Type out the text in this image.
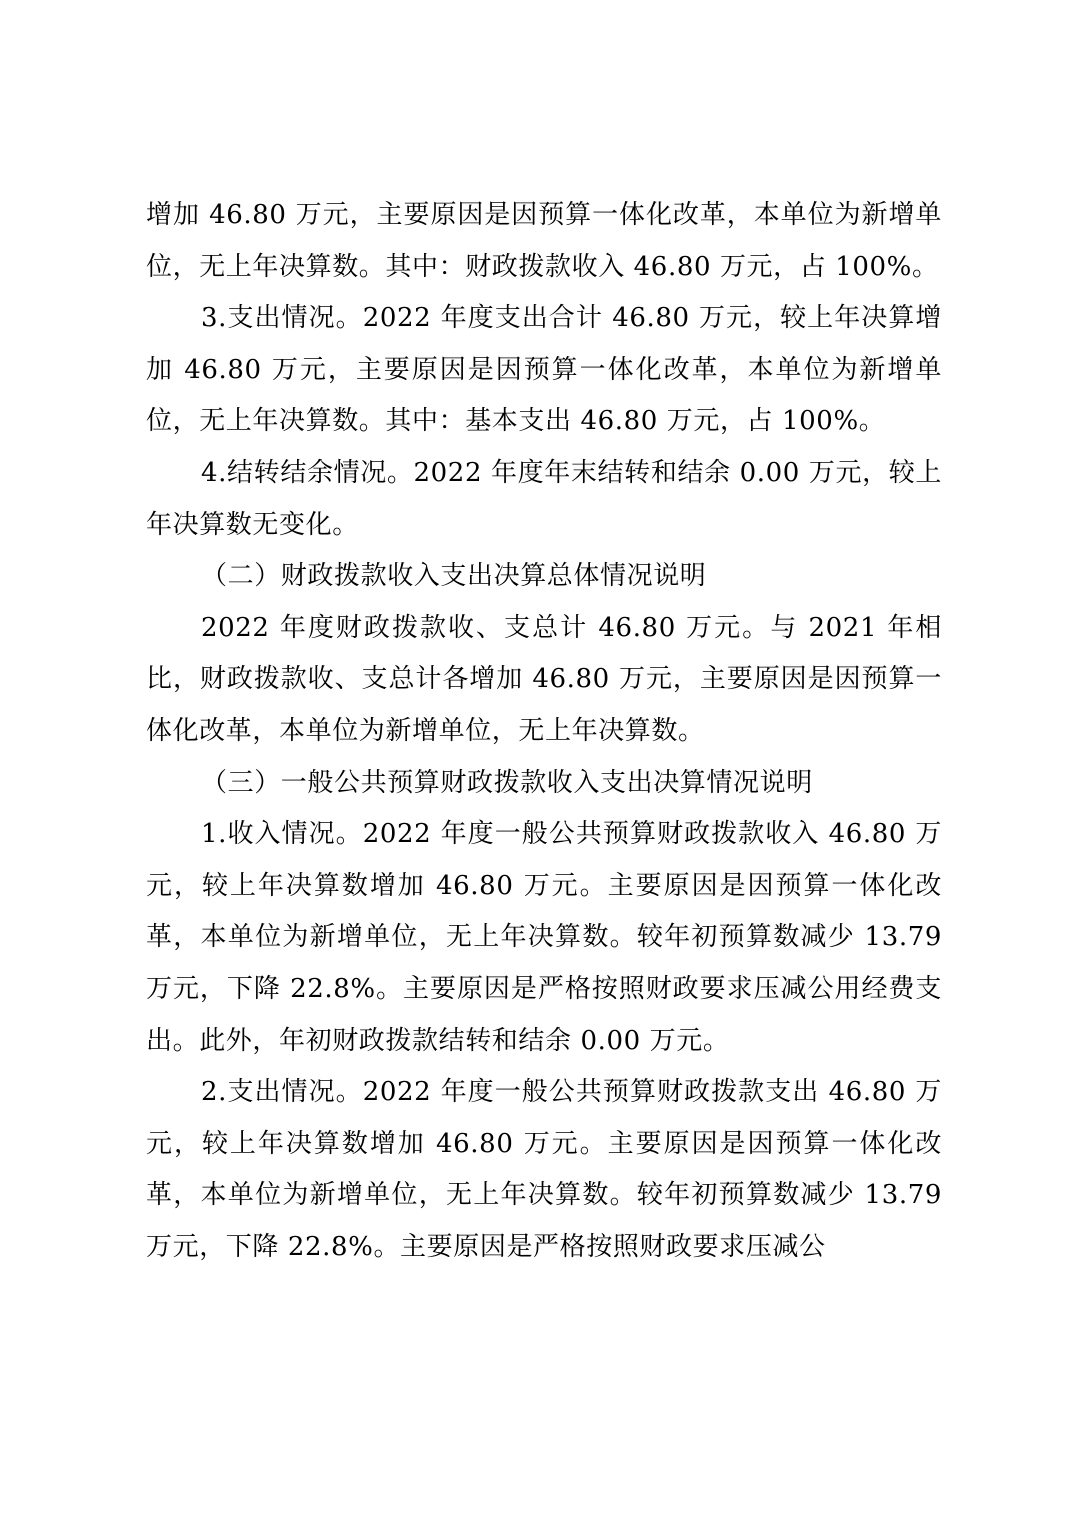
增加 46.80 万元，主要原因是因预算一体化改革，本单位为新增单位，无上年决算数。其中：财政拨款收入 46.80 万元，占 100%。

3.支出情况。2022 年度支出合计 46.80 万元，较上年决算增加 46.80 万元，主要原因是因预算一体化改革，本单位为新增单位，无上年决算数。其中：基本支出 46.80 万元，占 100%。

4.结转结余情况。2022 年度年末结转和结余 0.00 万元，较上年决算数无变化。

（二）财政拨款收入支出决算总体情况说明

2022 年度财政拨款收、支总计 46.80 万元。与 2021 年相比，财政拨款收、支总计各增加 46.80 万元，主要原因是因预算一体化改革，本单位为新增单位，无上年决算数。

（三）一般公共预算财政拨款收入支出决算情况说明

1.收入情况。2022 年度一般公共预算财政拨款收入 46.80 万元，较上年决算数增加 46.80 万元。主要原因是因预算一体化改革，本单位为新增单位，无上年决算数。较年初预算数减少 13.79 万元，下降 22.8%。主要原因是严格按照财政要求压减公用经费支出。此外，年初财政拨款结转和结余 0.00 万元。

2.支出情况。2022 年度一般公共预算财政拨款支出 46.80 万元，较上年决算数增加 46.80 万元。主要原因是因预算一体化改革，本单位为新增单位，无上年决算数。较年初预算数减少 13.79 万元，下降 22.8%。主要原因是严格按照财政要求压减公
